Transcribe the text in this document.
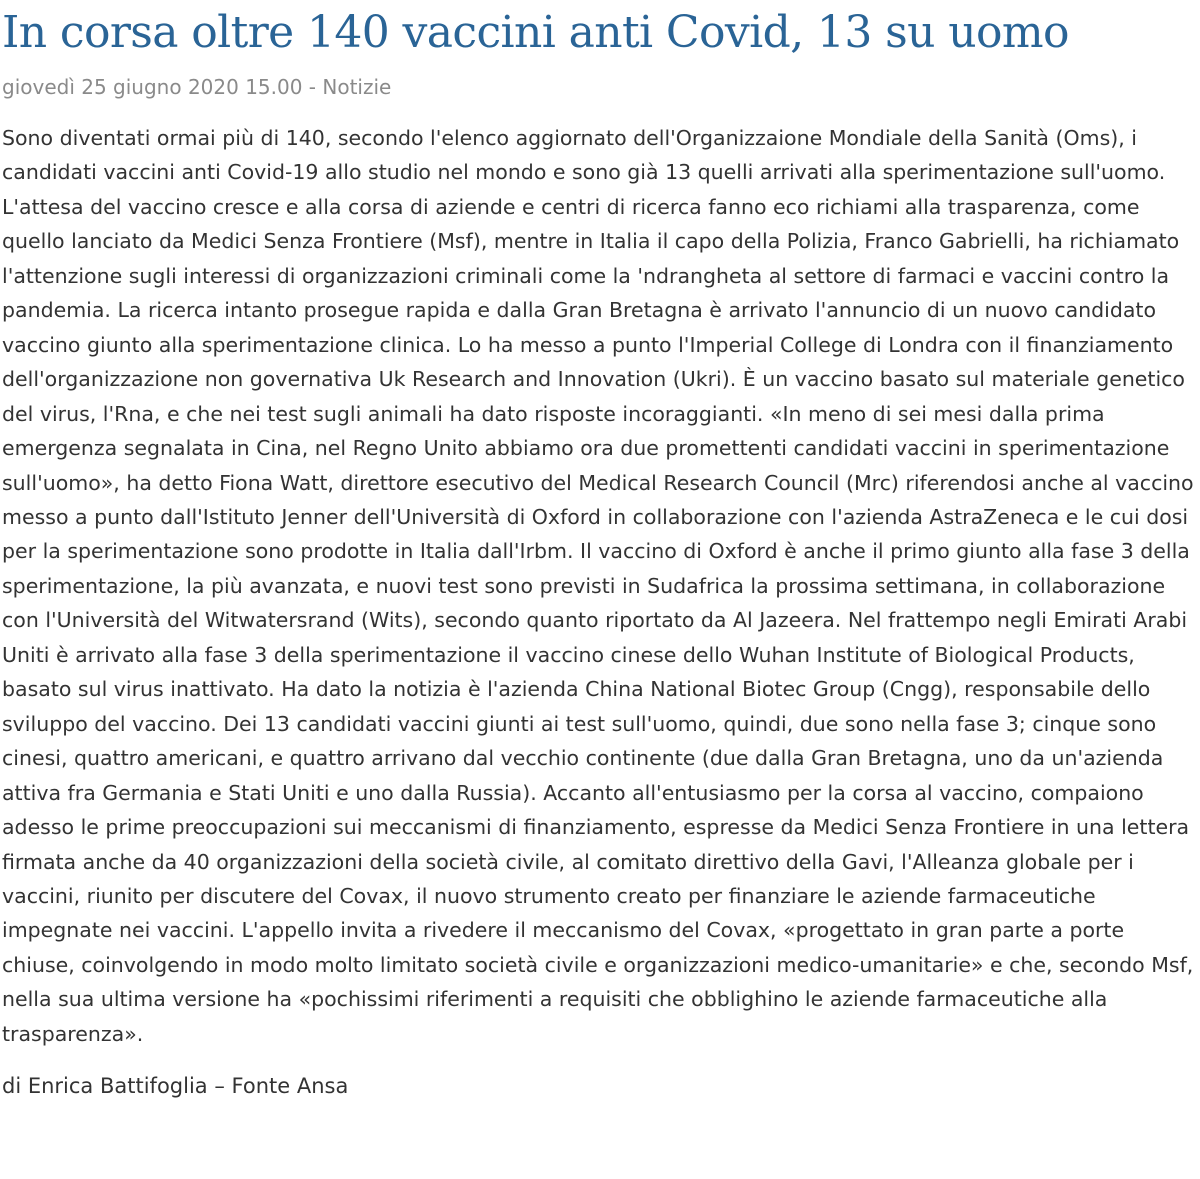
In corsa oltre 140 vaccini anti Covid, 13 su uomo
giovedì 25 giugno 2020 15.00 - Notizie

Sono diventati ormai più di 140, secondo l'elenco aggiornato dell'Organizzaione Mondiale della Sanità (Oms), i candidati vaccini anti Covid-19 allo studio nel mondo e sono già 13 quelli arrivati alla sperimentazione sull'uomo. L'attesa del vaccino cresce e alla corsa di aziende e centri di ricerca fanno eco richiami alla trasparenza, come quello lanciato da Medici Senza Frontiere (Msf), mentre in Italia il capo della Polizia, Franco Gabrielli, ha richiamato l'attenzione sugli interessi di organizzazioni criminali come la 'ndrangheta al settore di farmaci e vaccini contro la pandemia. La ricerca intanto prosegue rapida e dalla Gran Bretagna è arrivato l'annuncio di un nuovo candidato vaccino giunto alla sperimentazione clinica. Lo ha messo a punto l'Imperial College di Londra con il finanziamento dell'organizzazione non governativa Uk Research and Innovation (Ukri). È un vaccino basato sul materiale genetico del virus, l'Rna, e che nei test sugli animali ha dato risposte incoraggianti. «In meno di sei mesi dalla prima emergenza segnalata in Cina, nel Regno Unito abbiamo ora due promettenti candidati vaccini in sperimentazione sull'uomo», ha detto Fiona Watt, direttore esecutivo del Medical Research Council (Mrc) riferendosi anche al vaccino messo a punto dall'Istituto Jenner dell'Università di Oxford in collaborazione con l'azienda AstraZeneca e le cui dosi per la sperimentazione sono prodotte in Italia dall'Irbm. Il vaccino di Oxford è anche il primo giunto alla fase 3 della sperimentazione, la più avanzata, e nuovi test sono previsti in Sudafrica la prossima settimana, in collaborazione con l'Università del Witwatersrand (Wits), secondo quanto riportato da Al Jazeera. Nel frattempo negli Emirati Arabi Uniti è arrivato alla fase 3 della sperimentazione il vaccino cinese dello Wuhan Institute of Biological Products, basato sul virus inattivato. Ha dato la notizia è l'azienda China National Biotec Group (Cngg), responsabile dello sviluppo del vaccino. Dei 13 candidati vaccini giunti ai test sull'uomo, quindi, due sono nella fase 3; cinque sono cinesi, quattro americani, e quattro arrivano dal vecchio continente (due dalla Gran Bretagna, uno da un'azienda attiva fra Germania e Stati Uniti e uno dalla Russia). Accanto all'entusiasmo per la corsa al vaccino, compaiono adesso le prime preoccupazioni sui meccanismi di finanziamento, espresse da Medici Senza Frontiere in una lettera firmata anche da 40 organizzazioni della società civile, al comitato direttivo della Gavi, l'Alleanza globale per i vaccini, riunito per discutere del Covax, il nuovo strumento creato per finanziare le aziende farmaceutiche impegnate nei vaccini. L'appello invita a rivedere il meccanismo del Covax, «progettato in gran parte a porte chiuse, coinvolgendo in modo molto limitato società civile e organizzazioni medico-umanitarie» e che, secondo Msf, nella sua ultima versione ha «pochissimi riferimenti a requisiti che obblighino le aziende farmaceutiche alla trasparenza».

di Enrica Battifoglia – Fonte Ansa
